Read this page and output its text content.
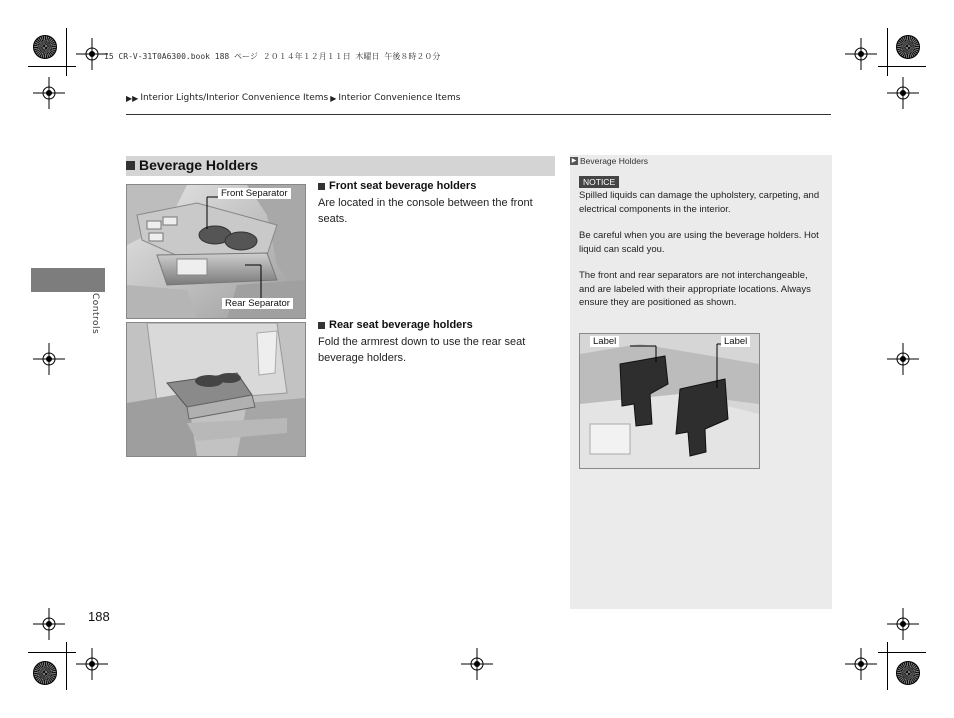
15 CR-V-31T0A6300.book 188 ページ ２０１４年１２月１１日 木曜日 午後８時２０分
▶▶ Interior Lights/Interior Convenience Items ▶ Interior Convenience Items
Controls
Beverage Holders
Front Separator
Rear Separator
Front seat beverage holders
Are located in the console between the front seats.
Rear seat beverage holders
Fold the armrest down to use the rear seat beverage holders.
▶ Beverage Holders
NOTICE
Spilled liquids can damage the upholstery, carpeting, and electrical components in the interior.
Be careful when you are using the beverage holders. Hot liquid can scald you.
The front and rear separators are not interchangeable, and are labeled with their appropriate locations. Always ensure they are positioned as shown.
Label	Label
188
